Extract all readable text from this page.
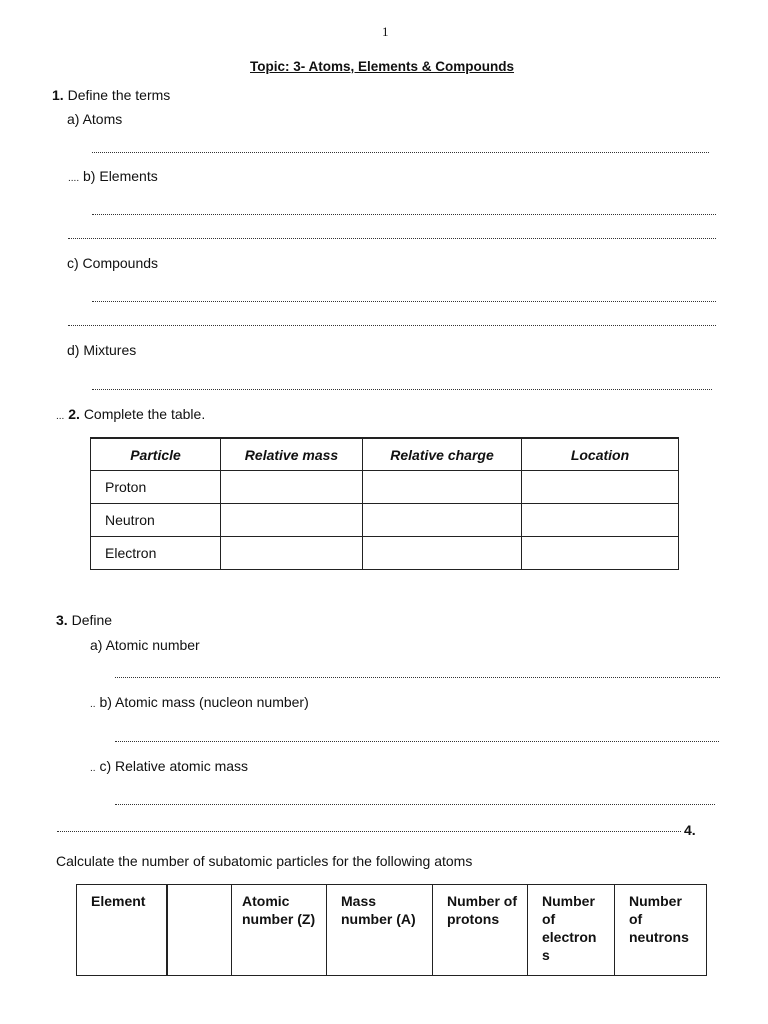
1
Topic: 3- Atoms, Elements & Compounds
1. Define the terms
a) Atoms
.... b) Elements
c) Compounds
d) Mixtures
... 2. Complete the table.
Particle	Relative mass	Relative charge	Location
Proton			
Neutron			
Electron			
3. Define
a) Atomic number
.. b) Atomic mass (nucleon number)
.. c) Relative atomic mass
4.
Calculate the number of subatomic particles for the following atoms
Element		Atomic number (Z)	Mass number (A)	Number of protons	Number of electron s	Number of neutrons
